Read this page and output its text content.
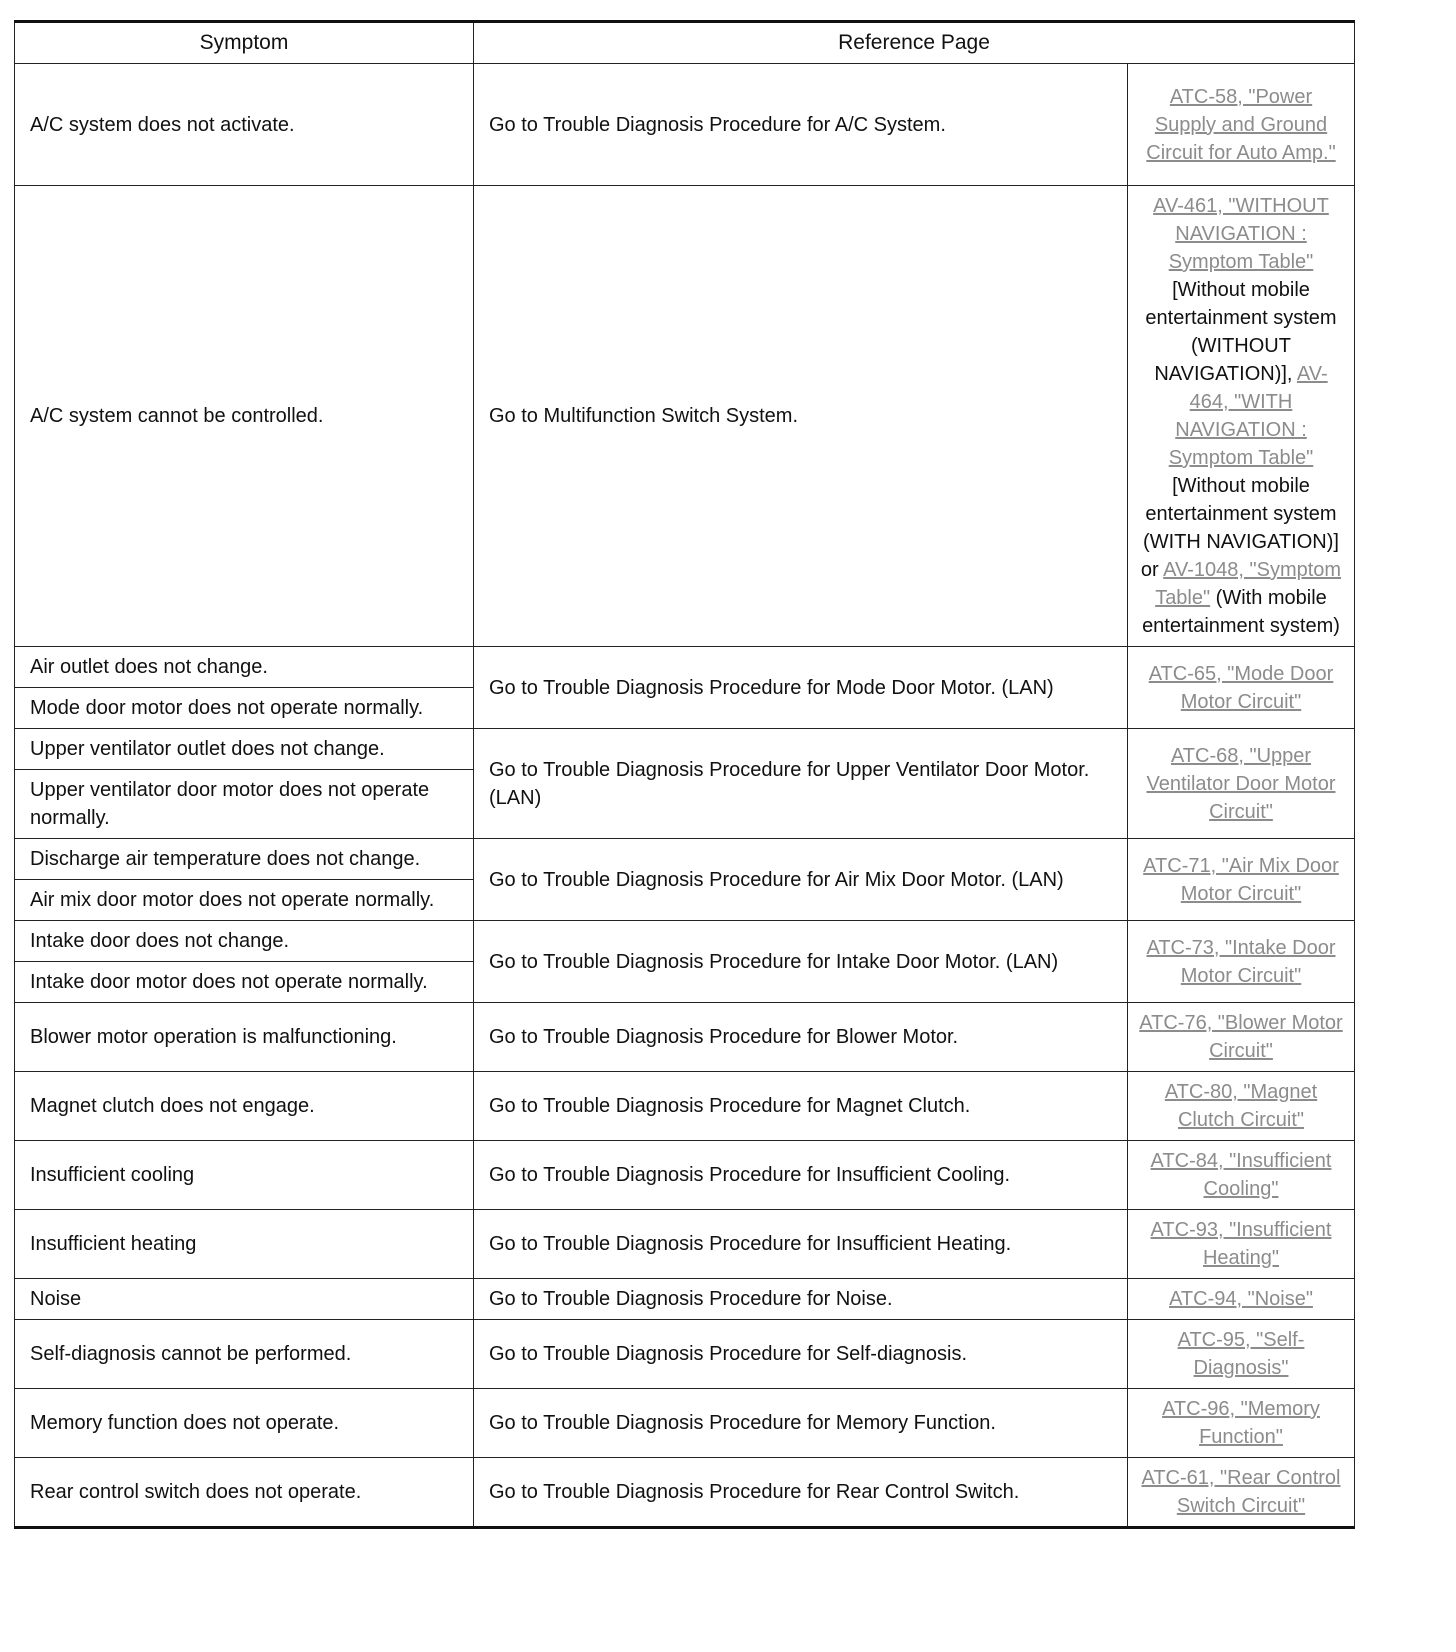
Symptom	Reference Page	
A/C system does not activate.	Go to Trouble Diagnosis Procedure for A/C System.	ATC-58, "Power Supply and Ground Circuit for Auto Amp."
A/C system cannot be controlled.	Go to Multifunction Switch System.	AV-461, "WITHOUT NAVIGATION : Symptom Table" [Without mobile entertainment system (WITHOUT NAVIGATION)], AV-464, "WITH NAVIGATION : Symptom Table" [Without mobile entertainment system (WITH NAVIGATION)] or AV-1048, "Symptom Table" (With mobile entertainment system)
Air outlet does not change.	Go to Trouble Diagnosis Procedure for Mode Door Motor. (LAN)	ATC-65, "Mode Door Motor Circuit"
Mode door motor does not operate normally.		
Upper ventilator outlet does not change.	Go to Trouble Diagnosis Procedure for Upper Ventilator Door Motor. (LAN)	ATC-68, "Upper Ventilator Door Motor Circuit"
Upper ventilator door motor does not operate normally.		
Discharge air temperature does not change.	Go to Trouble Diagnosis Procedure for Air Mix Door Motor. (LAN)	ATC-71, "Air Mix Door Motor Circuit"
Air mix door motor does not operate normally.		
Intake door does not change.	Go to Trouble Diagnosis Procedure for Intake Door Motor. (LAN)	ATC-73, "Intake Door Motor Circuit"
Intake door motor does not operate normally.		
Blower motor operation is malfunctioning.	Go to Trouble Diagnosis Procedure for Blower Motor.	ATC-76, "Blower Motor Circuit"
Magnet clutch does not engage.	Go to Trouble Diagnosis Procedure for Magnet Clutch.	ATC-80, "Magnet Clutch Circuit"
Insufficient cooling	Go to Trouble Diagnosis Procedure for Insufficient Cooling.	ATC-84, "Insufficient Cooling"
Insufficient heating	Go to Trouble Diagnosis Procedure for Insufficient Heating.	ATC-93, "Insufficient Heating"
Noise	Go to Trouble Diagnosis Procedure for Noise.	ATC-94, "Noise"
Self-diagnosis cannot be performed.	Go to Trouble Diagnosis Procedure for Self-diagnosis.	ATC-95, "Self-Diagnosis"
Memory function does not operate.	Go to Trouble Diagnosis Procedure for Memory Function.	ATC-96, "Memory Function"
Rear control switch does not operate.	Go to Trouble Diagnosis Procedure for Rear Control Switch.	ATC-61, "Rear Control Switch Circuit"
